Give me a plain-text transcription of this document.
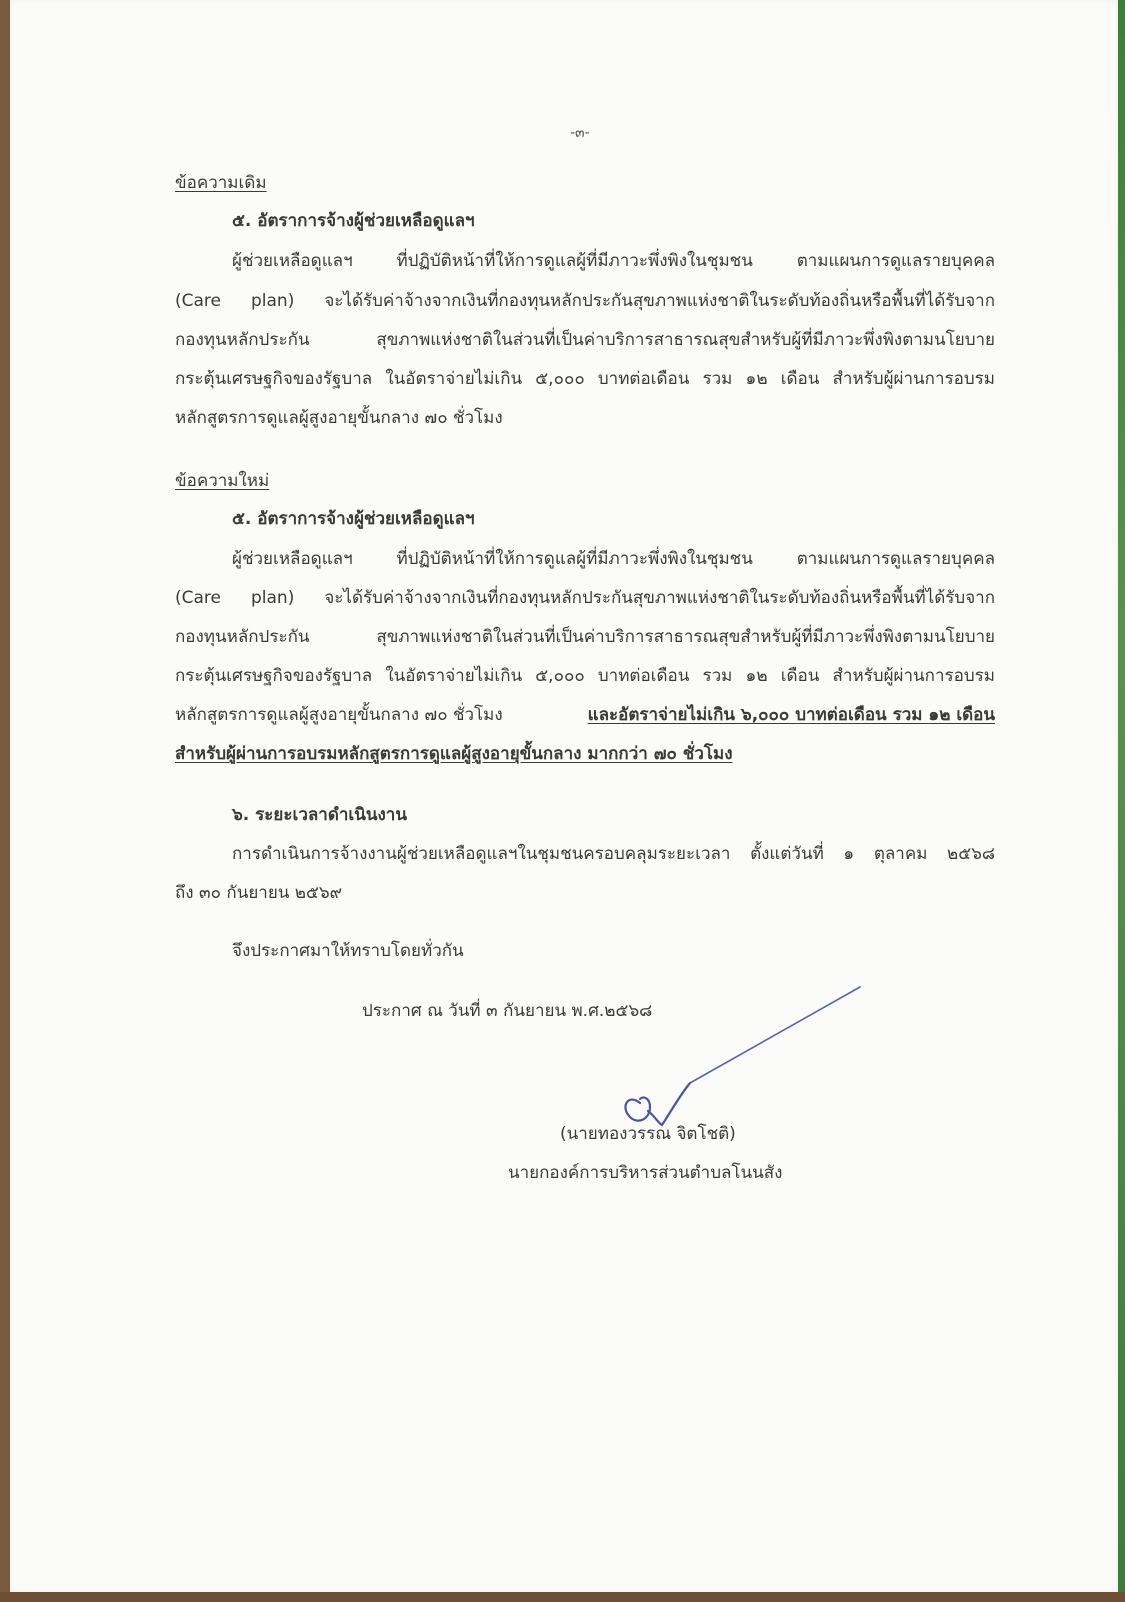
-๓-
ข้อความเดิม
๕. อัตราการจ้างผู้ช่วยเหลือดูแลฯ
ผู้ช่วยเหลือดูแลฯ ที่ปฏิบัติหน้าที่ให้การดูแลผู้ที่มีภาวะพึ่งพิงในชุมชน ตามแผนการดูแลรายบุคคล
(Care plan) จะได้รับค่าจ้างจากเงินที่กองทุนหลักประกันสุขภาพแห่งชาติในระดับท้องถิ่นหรือพื้นที่ได้รับจาก
กองทุนหลักประกัน สุขภาพแห่งชาติในส่วนที่เป็นค่าบริการสาธารณสุขสำหรับผู้ที่มีภาวะพึ่งพิงตามนโยบาย
กระตุ้นเศรษฐกิจของรัฐบาล ในอัตราจ่ายไม่เกิน ๕,๐๐๐ บาทต่อเดือน รวม ๑๒ เดือน สำหรับผู้ผ่านการอบรม
หลักสูตรการดูแลผู้สูงอายุขั้นกลาง ๗๐ ชั่วโมง
ข้อความใหม่
๕. อัตราการจ้างผู้ช่วยเหลือดูแลฯ
ผู้ช่วยเหลือดูแลฯ ที่ปฏิบัติหน้าที่ให้การดูแลผู้ที่มีภาวะพึ่งพิงในชุมชน ตามแผนการดูแลรายบุคคล
(Care plan) จะได้รับค่าจ้างจากเงินที่กองทุนหลักประกันสุขภาพแห่งชาติในระดับท้องถิ่นหรือพื้นที่ได้รับจาก
กองทุนหลักประกัน สุขภาพแห่งชาติในส่วนที่เป็นค่าบริการสาธารณสุขสำหรับผู้ที่มีภาวะพึ่งพิงตามนโยบาย
กระตุ้นเศรษฐกิจของรัฐบาล ในอัตราจ่ายไม่เกิน ๕,๐๐๐ บาทต่อเดือน รวม ๑๒ เดือน สำหรับผู้ผ่านการอบรม
หลักสูตรการดูแลผู้สูงอายุขั้นกลาง ๗๐ ชั่วโมง	และอัตราจ่ายไม่เกิน ๖,๐๐๐ บาทต่อเดือน รวม ๑๒ เดือน
สำหรับผู้ผ่านการอบรมหลักสูตรการดูแลผู้สูงอายุขั้นกลาง มากกว่า ๗๐ ชั่วโมง
๖. ระยะเวลาดำเนินงาน
การดำเนินการจ้างงานผู้ช่วยเหลือดูแลฯในชุมชนครอบคลุมระยะเวลา ตั้งแต่วันที่ ๑ ตุลาคม ๒๕๖๘
ถึง ๓๐ กันยายน ๒๕๖๙
จึงประกาศมาให้ทราบโดยทั่วกัน
ประกาศ ณ วันที่ ๓ กันยายน พ.ศ.๒๕๖๘
(นายทองวรรณ จิตโชติ)
นายกองค์การบริหารส่วนตำบลโนนสัง
